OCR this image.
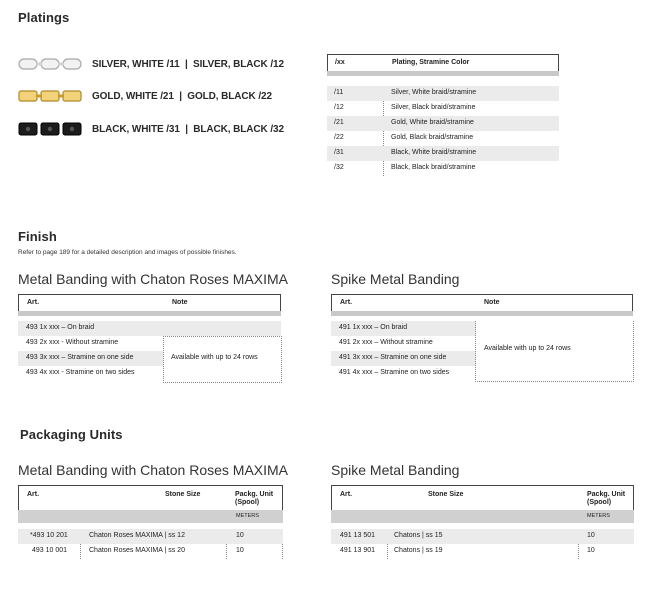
Platings
SILVER, WHITE /11 | SILVER, BLACK /12
GOLD, WHITE /21 | GOLD, BLACK /22
BLACK, WHITE /31 | BLACK, BLACK /32
/xx	Plating, Stramine Color
/11	Silver, White braid/stramine
/12	Silver, Black braid/stramine
/21	Gold, White braid/stramine
/22	Gold, Black braid/stramine
/31	Black, White braid/stramine
/32	Black, Black braid/stramine
Finish
Refer to page 189 for a detailed description and images of possible finishes.
Metal Banding with Chaton Roses MAXIMA	Spike Metal Banding
Art.	Note
493 1x xxx – On braid
493 2x xxx - Without stramine
493 3x xxx – Stramine on one side
493 4x xxx - Stramine on two sides
Available with up to 24 rows
Art.	Note
491 1x xxx – On braid
491 2x xxx – Without stramine
491 3x xxx – Stramine on one side
491 4x xxx – Stramine on two sides
Available with up to 24 rows
Packaging Units
Metal Banding with Chaton Roses MAXIMA	Spike Metal Banding
Art.	Stone Size	Packg. Unit
(Spool)
METERS
*493 10 201	Chaton Roses MAXIMA | ss 12	10
493 10 001	Chaton Roses MAXIMA | ss 20	10
Art.	Stone Size	Packg. Unit
(Spool)
METERS
491 13 501	Chatons | ss 15	10
491 13 901	Chatons | ss 19	10
